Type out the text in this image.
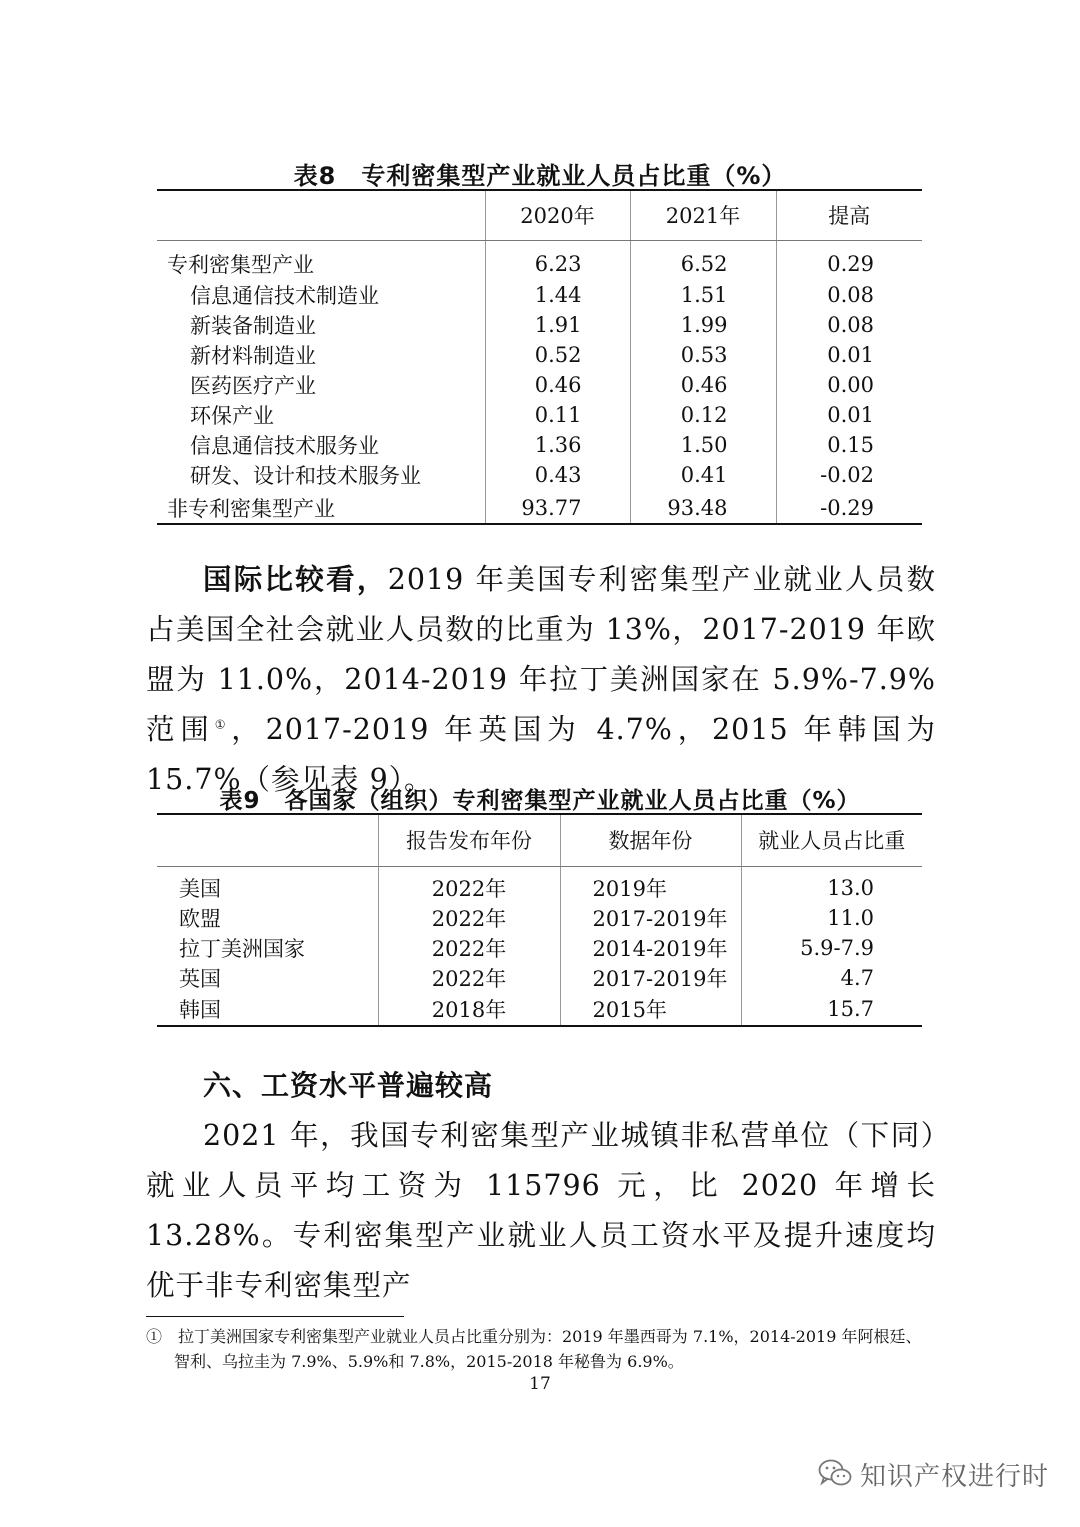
表8　专利密集型产业就业人员占比重（%）
	2020年	2021年	提高
专利密集型产业	6.23	6.52	0.29
信息通信技术制造业	1.44	1.51	0.08
新装备制造业	1.91	1.99	0.08
新材料制造业	0.52	0.53	0.01
医药医疗产业	0.46	0.46	0.00
环保产业	0.11	0.12	0.01
信息通信技术服务业	1.36	1.50	0.15
研发、设计和技术服务业	0.43	0.41	-0.02
非专利密集型产业	93.77	93.48	-0.29

国际比较看，2019 年美国专利密集型产业就业人员数占美国全社会就业人员数的比重为 13%，2017-2019 年欧盟为 11.0%，2014-2019 年拉丁美洲国家在 5.9%-7.9%范围①，2017-2019 年英国为 4.7%，2015 年韩国为 15.7%（参见表 9）。

表9　各国家（组织）专利密集型产业就业人员占比重（%）
	报告发布年份	数据年份	就业人员占比重
美国	2022年	2019年	13.0
欧盟	2022年	2017-2019年	11.0
拉丁美洲国家	2022年	2014-2019年	5.9-7.9
英国	2022年	2017-2019年	4.7
韩国	2018年	2015年	15.7
六、工资水平普遍较高

2021 年，我国专利密集型产业城镇非私营单位（下同）就业人员平均工资为 115796 元，比 2020 年增长 13.28%。专利密集型产业就业人员工资水平及提升速度均优于非专利密集型产

①　拉丁美洲国家专利密集型产业就业人员占比重分别为：2019 年墨西哥为 7.1%，2014-2019 年阿根廷、智利、乌拉圭为 7.9%、5.9%和 7.8%，2015-2018 年秘鲁为 6.9%。

17
知识产权进行时
